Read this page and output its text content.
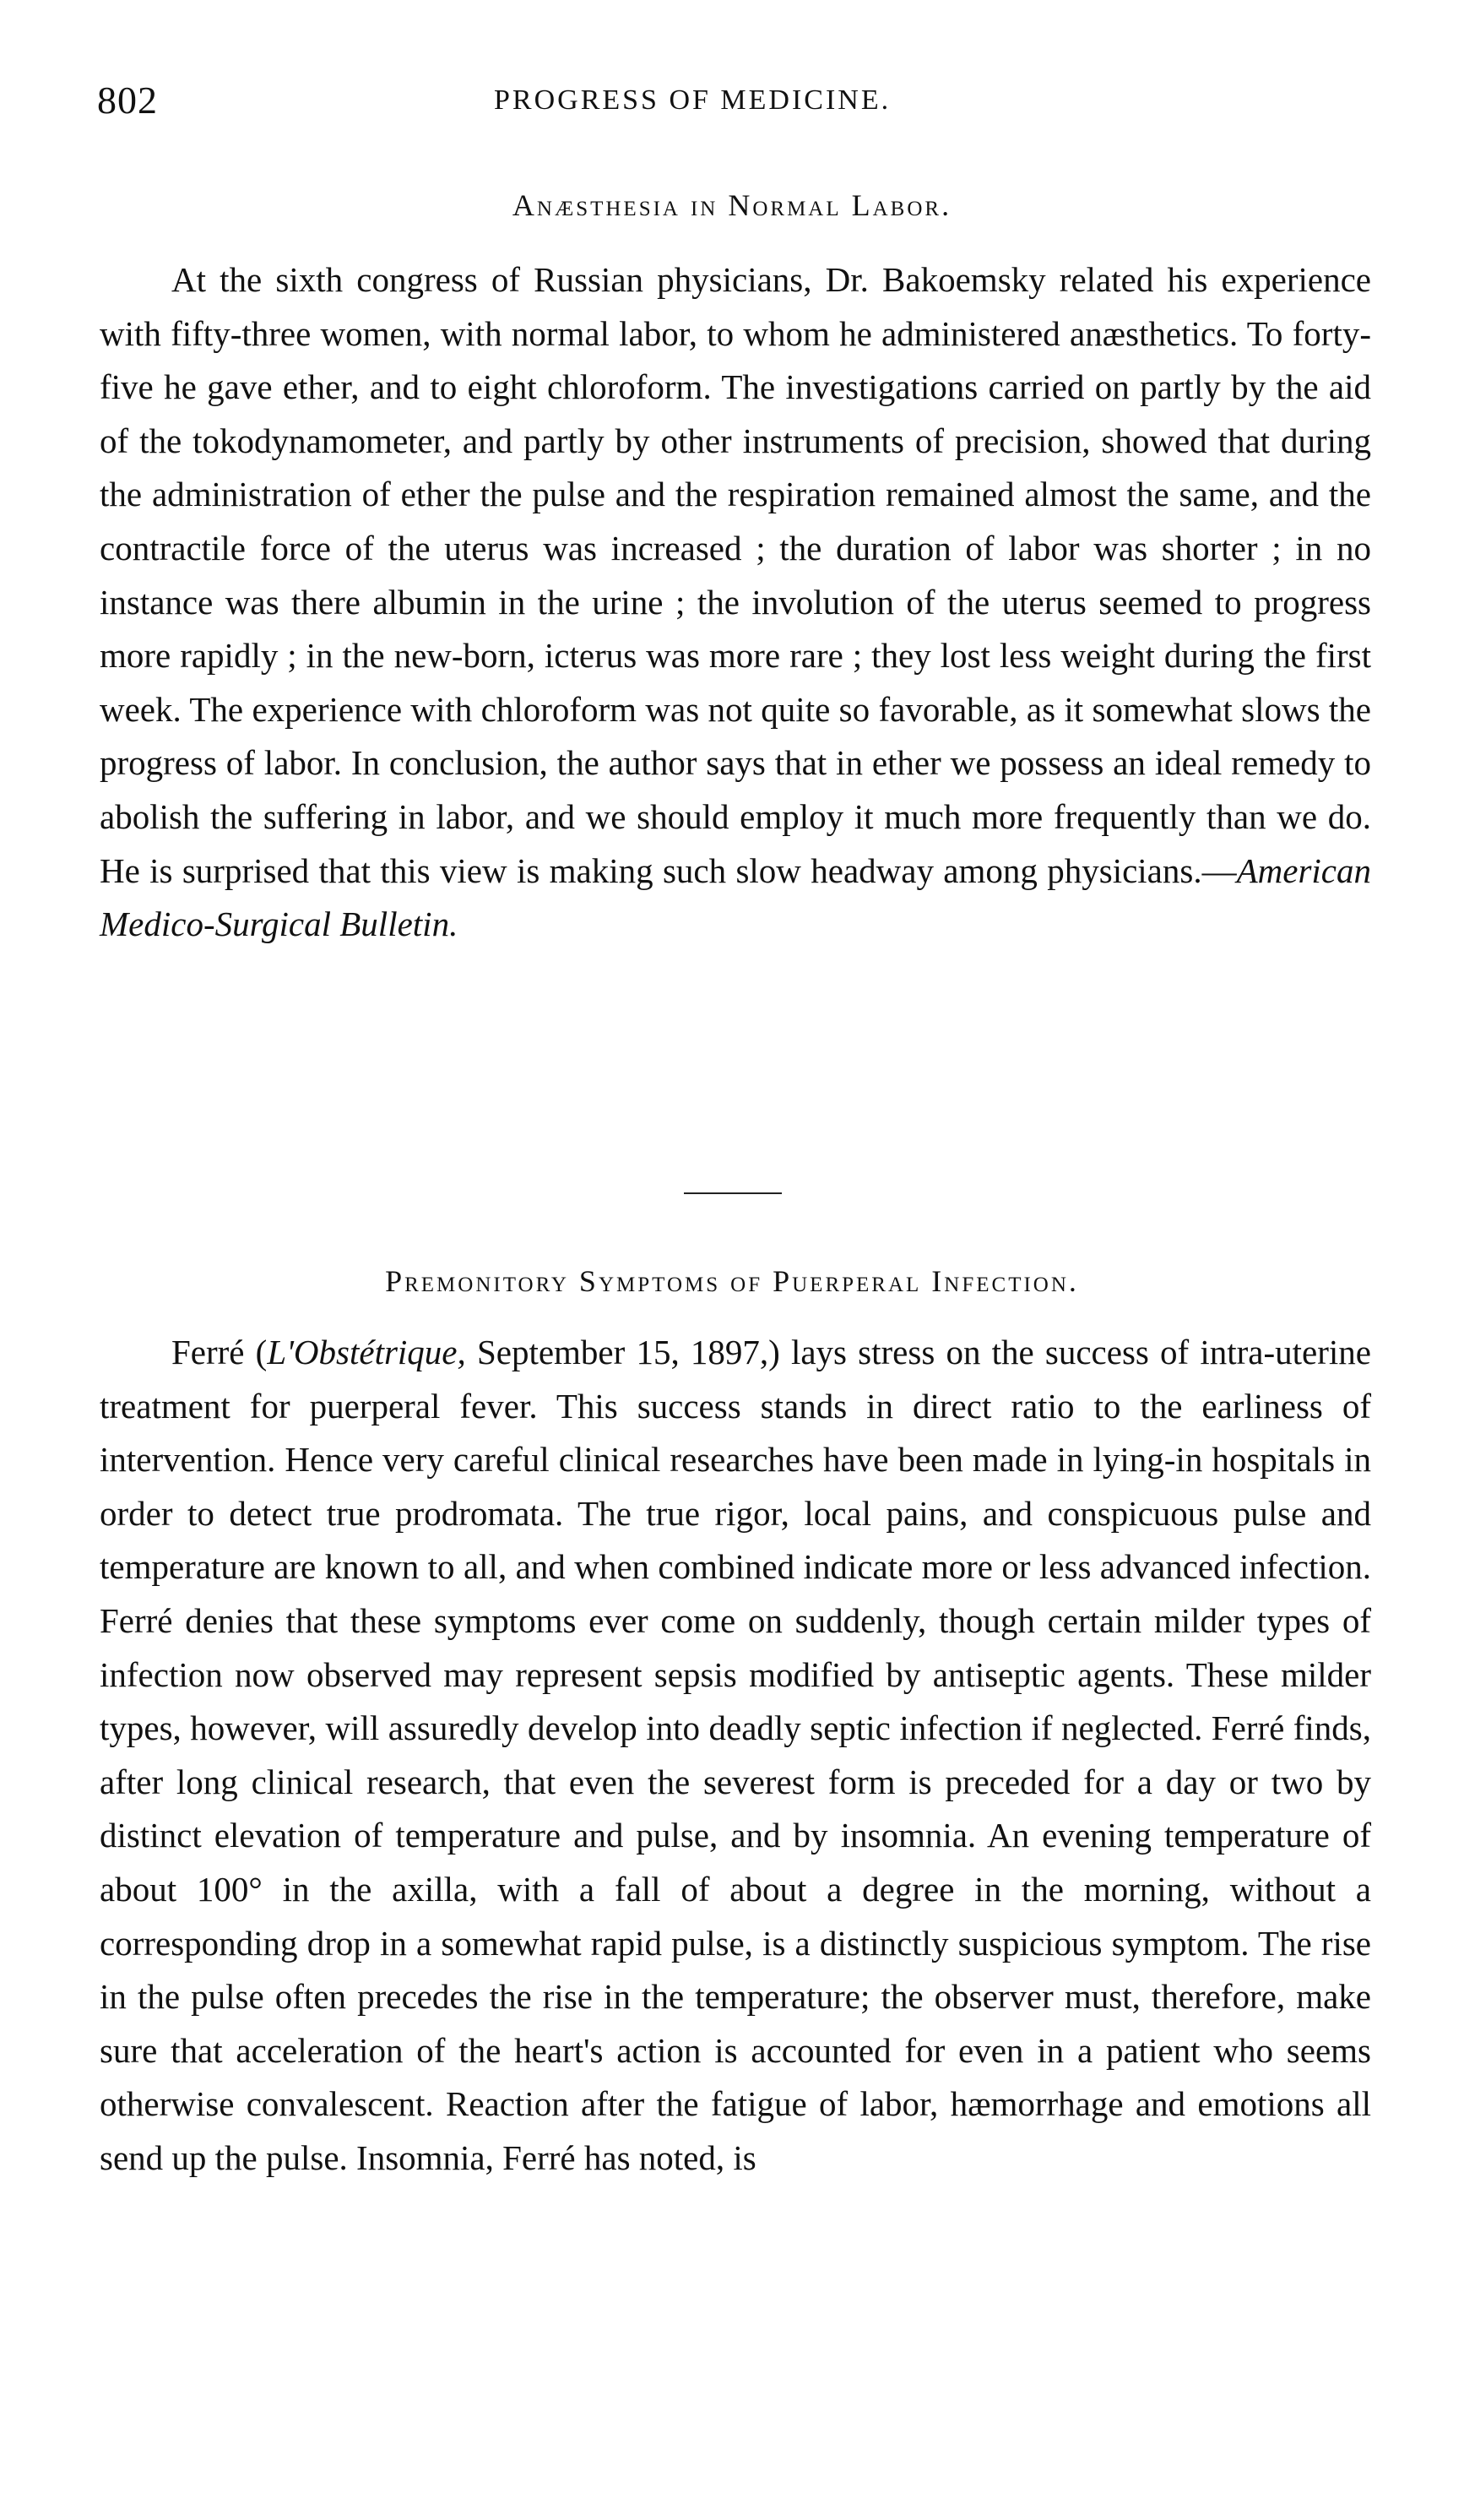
802	PROGRESS OF MEDICINE.
Anæsthesia in Normal Labor.

At the sixth congress of Russian physicians, Dr. Bakoemsky related his experience with fifty-three women, with normal labor, to whom he administered anæsthetics. To forty-five he gave ether, and to eight chloroform. The investigations carried on partly by the aid of the tokodynamometer, and partly by other instruments of precision, showed that during the administration of ether the pulse and the respiration remained almost the same, and the contractile force of the uterus was increased ; the duration of labor was shorter ; in no instance was there albumin in the urine ; the involution of the uterus seemed to progress more rapidly ; in the new-born, icterus was more rare ; they lost less weight during the first week. The experience with chloroform was not quite so favorable, as it somewhat slows the progress of labor. In conclusion, the author says that in ether we possess an ideal remedy to abolish the suffering in labor, and we should employ it much more frequently than we do. He is surprised that this view is making such slow headway among physicians.—American Medico-Surgical Bulletin.

Premonitory Symptoms of Puerperal Infection.

Ferré (L'Obstétrique, September 15, 1897,) lays stress on the success of intra-uterine treatment for puerperal fever. This success stands in direct ratio to the earliness of intervention. Hence very careful clinical researches have been made in lying-in hospitals in order to detect true prodromata. The true rigor, local pains, and conspicuous pulse and temperature are known to all, and when combined indicate more or less advanced infection. Ferré denies that these symptoms ever come on suddenly, though certain milder types of infection now observed may represent sepsis modified by antiseptic agents. These milder types, however, will assuredly develop into deadly septic infection if neglected. Ferré finds, after long clinical research, that even the severest form is preceded for a day or two by distinct elevation of temperature and pulse, and by insomnia. An evening temperature of about 100° in the axilla, with a fall of about a degree in the morning, without a corresponding drop in a somewhat rapid pulse, is a distinctly suspicious symptom. The rise in the pulse often precedes the rise in the temperature; the observer must, therefore, make sure that acceleration of the heart's action is accounted for even in a patient who seems otherwise convalescent. Reaction after the fatigue of labor, hæmorrhage and emotions all send up the pulse. Insomnia, Ferré has noted, is
